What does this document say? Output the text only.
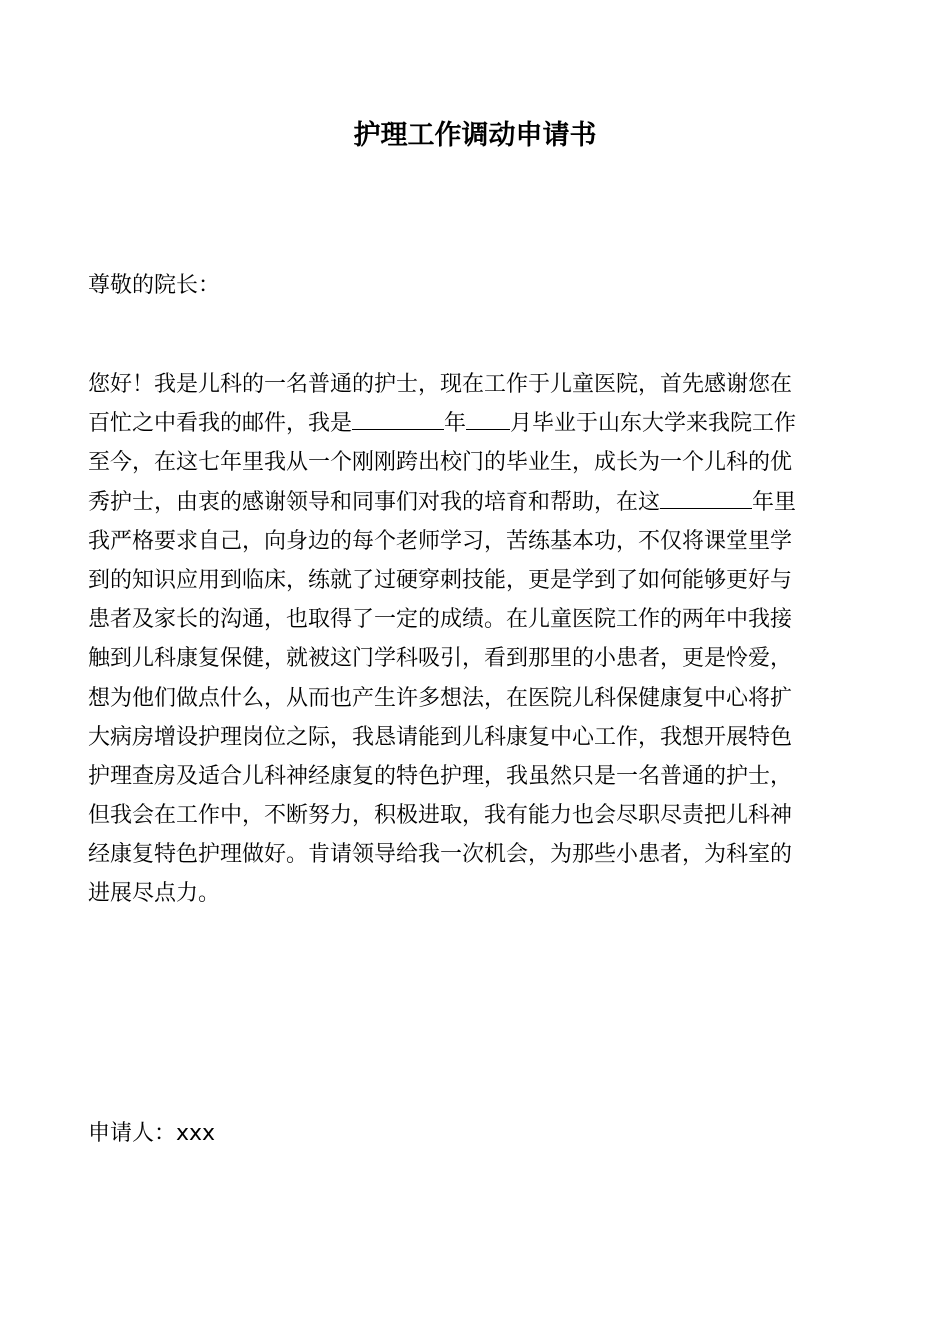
护理工作调动申请书
尊敬的院长：
您好！我是儿科的一名普通的护士，现在工作于儿童医院，首先感谢您在
百忙之中看我的邮件，我是	年 月毕业于山东大学来我院工作
至今，在这七年里我从一个刚刚跨出校门的毕业生，成长为一个儿科的优
秀护士，由衷的感谢领导和同事们对我的培育和帮助，在这	年里
我严格要求自己，向身边的每个老师学习，苦练基本功，不仅将课堂里学
到的知识应用到临床，练就了过硬穿刺技能，更是学到了如何能够更好与
患者及家长的沟通，也取得了一定的成绩。在儿童医院工作的两年中我接
触到儿科康复保健，就被这门学科吸引，看到那里的小患者，更是怜爱，
想为他们做点什么，从而也产生许多想法，在医院儿科保健康复中心将扩
大病房增设护理岗位之际，我恳请能到儿科康复中心工作，我想开展特色
护理查房及适合儿科神经康复的特色护理，我虽然只是一名普通的护士，
但我会在工作中，不断努力，积极进取，我有能力也会尽职尽责把儿科神
经康复特色护理做好。肯请领导给我一次机会，为那些小患者，为科室的
进展尽点力。
申请人：xxx
